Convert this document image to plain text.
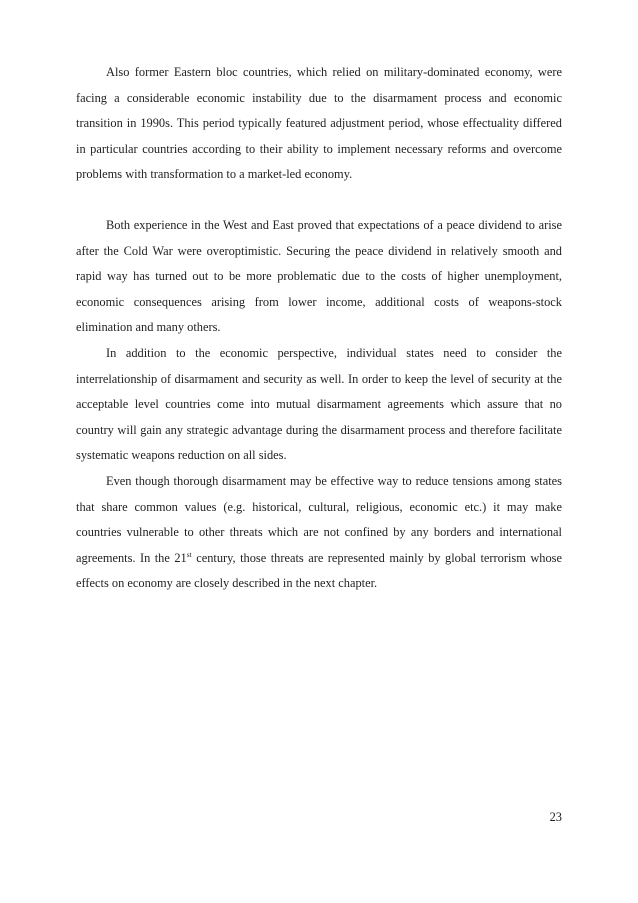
Also former Eastern bloc countries, which relied on military-dominated economy, were facing a considerable economic instability due to the disarmament process and economic transition in 1990s. This period typically featured adjustment period, whose effectuality differed in particular countries according to their ability to implement necessary reforms and overcome problems with transformation to a market-led economy.

Both experience in the West and East proved that expectations of a peace dividend to arise after the Cold War were overoptimistic. Securing the peace dividend in relatively smooth and rapid way has turned out to be more problematic due to the costs of higher unemployment, economic consequences arising from lower income, additional costs of weapons-stock elimination and many others.

In addition to the economic perspective, individual states need to consider the interrelationship of disarmament and security as well. In order to keep the level of security at the acceptable level countries come into mutual disarmament agreements which assure that no country will gain any strategic advantage during the disarmament process and therefore facilitate systematic weapons reduction on all sides.

Even though thorough disarmament may be effective way to reduce tensions among states that share common values (e.g. historical, cultural, religious, economic etc.) it may make countries vulnerable to other threats which are not confined by any borders and international agreements. In the 21st century, those threats are represented mainly by global terrorism whose effects on economy are closely described in the next chapter.

23
